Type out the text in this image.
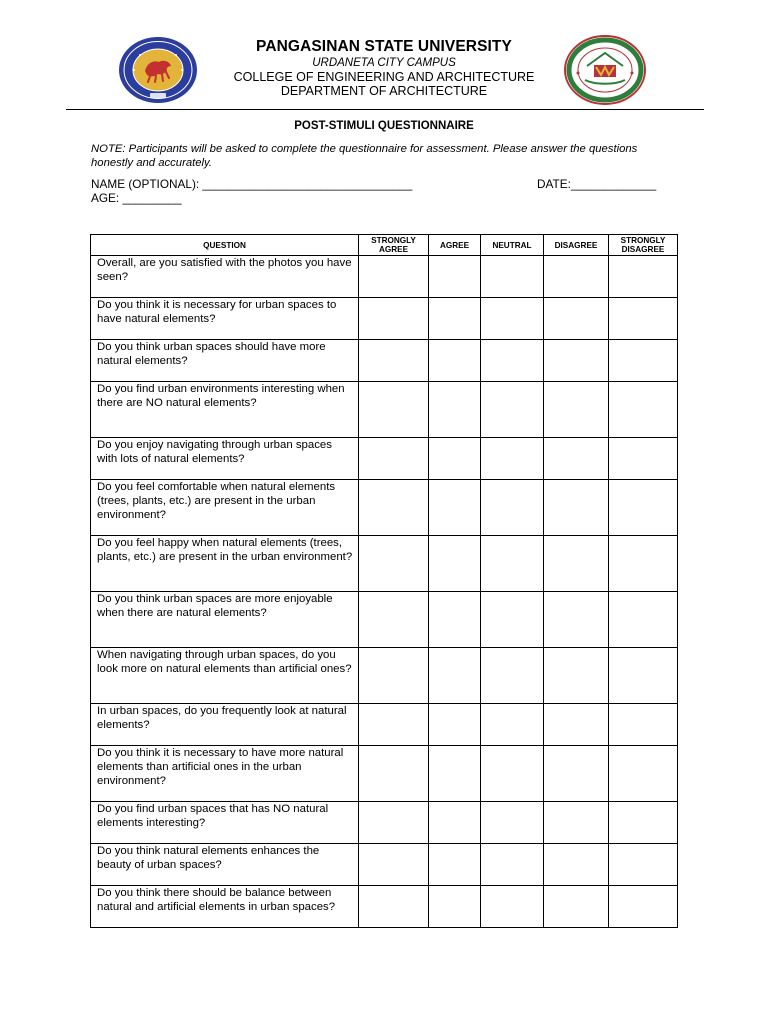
PANGASINAN STATE UNIVERSITY
URDANETA CITY CAMPUS
COLLEGE OF ENGINEERING AND ARCHITECTURE
DEPARTMENT OF ARCHITECTURE
POST-STIMULI QUESTIONNAIRE
NOTE: Participants will be asked to complete the questionnaire for assessment. Please answer the questions honestly and accurately.
NAME (OPTIONAL): ________________________________	DATE:_____________
AGE: _________
QUESTION	STRONGLY AGREE	AGREE	NEUTRAL	DISAGREE	STRONGLY DISAGREE
Overall, are you satisfied with the photos you have seen?					
Do you think it is necessary for urban spaces to have natural elements?					
Do you think urban spaces should have more natural elements?					
Do you find urban environments interesting when there are NO natural elements?					
Do you enjoy navigating through urban spaces with lots of natural elements?					
Do you feel comfortable when natural elements (trees, plants, etc.) are present in the urban environment?					
Do you feel happy when natural elements (trees, plants, etc.) are present in the urban environment?					
Do you think urban spaces are more enjoyable when there are natural elements?					
When navigating through urban spaces, do you look more on natural elements than artificial ones?					
In urban spaces, do you frequently look at natural elements?					
Do you think it is necessary to have more natural elements than artificial ones in the urban environment?					
Do you find urban spaces that has NO natural elements interesting?					
Do you think natural elements enhances the beauty of urban spaces?					
Do you think there should be balance between natural and artificial elements in urban spaces?					
